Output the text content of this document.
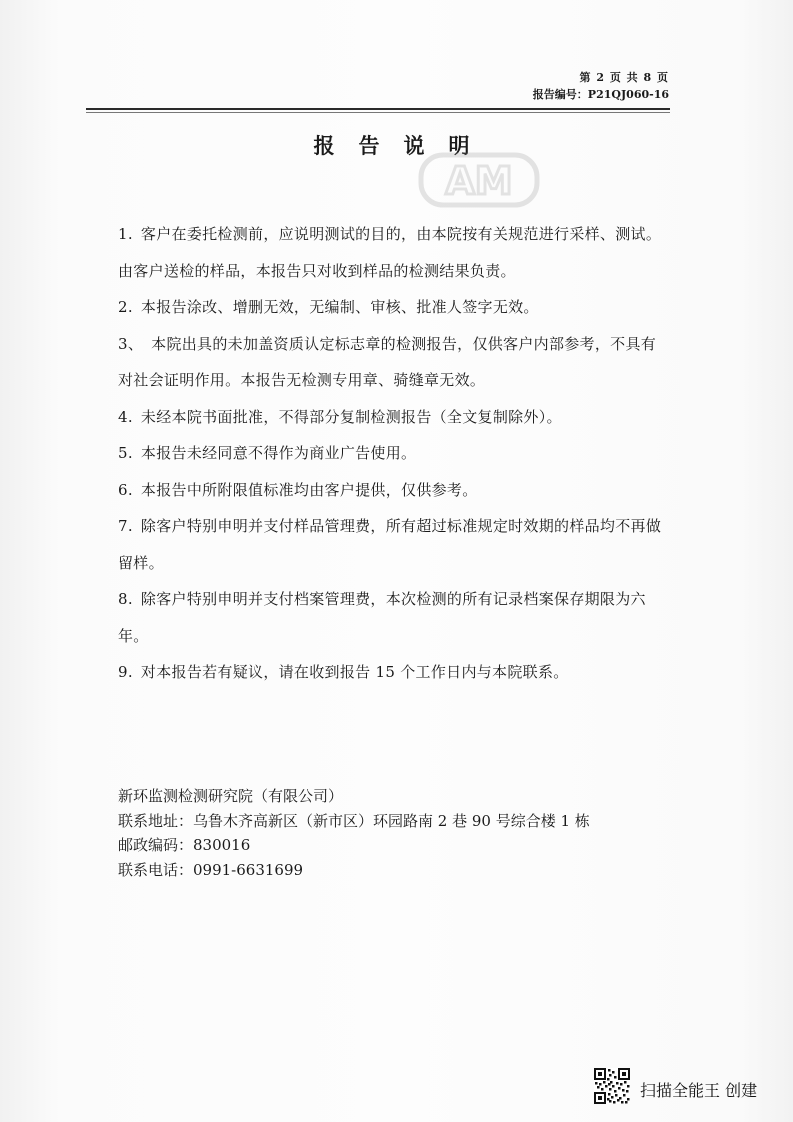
第 2 页 共 8 页
报告编号：P21QJ060-16
报告说明
AM

1. 客户在委托检测前，应说明测试的目的，由本院按有关规范进行采样、测试。由客户送检的样品，本报告只对收到样品的检测结果负责。

2. 本报告涂改、增删无效，无编制、审核、批准人签字无效。

3、 本院出具的未加盖资质认定标志章的检测报告，仅供客户内部参考，不具有对社会证明作用。本报告无检测专用章、骑缝章无效。

4. 未经本院书面批准，不得部分复制检测报告（全文复制除外）。

5. 本报告未经同意不得作为商业广告使用。

6. 本报告中所附限值标准均由客户提供，仅供参考。

7. 除客户特别申明并支付样品管理费，所有超过标准规定时效期的样品均不再做留样。

8. 除客户特别申明并支付档案管理费，本次检测的所有记录档案保存期限为六年。

9. 对本报告若有疑议，请在收到报告 15 个工作日内与本院联系。

新环监测检测研究院（有限公司）
联系地址：乌鲁木齐高新区（新市区）环园路南 2 巷 90 号综合楼 1 栋
邮政编码：830016
联系电话：0991-6631699
扫描全能王 创建
